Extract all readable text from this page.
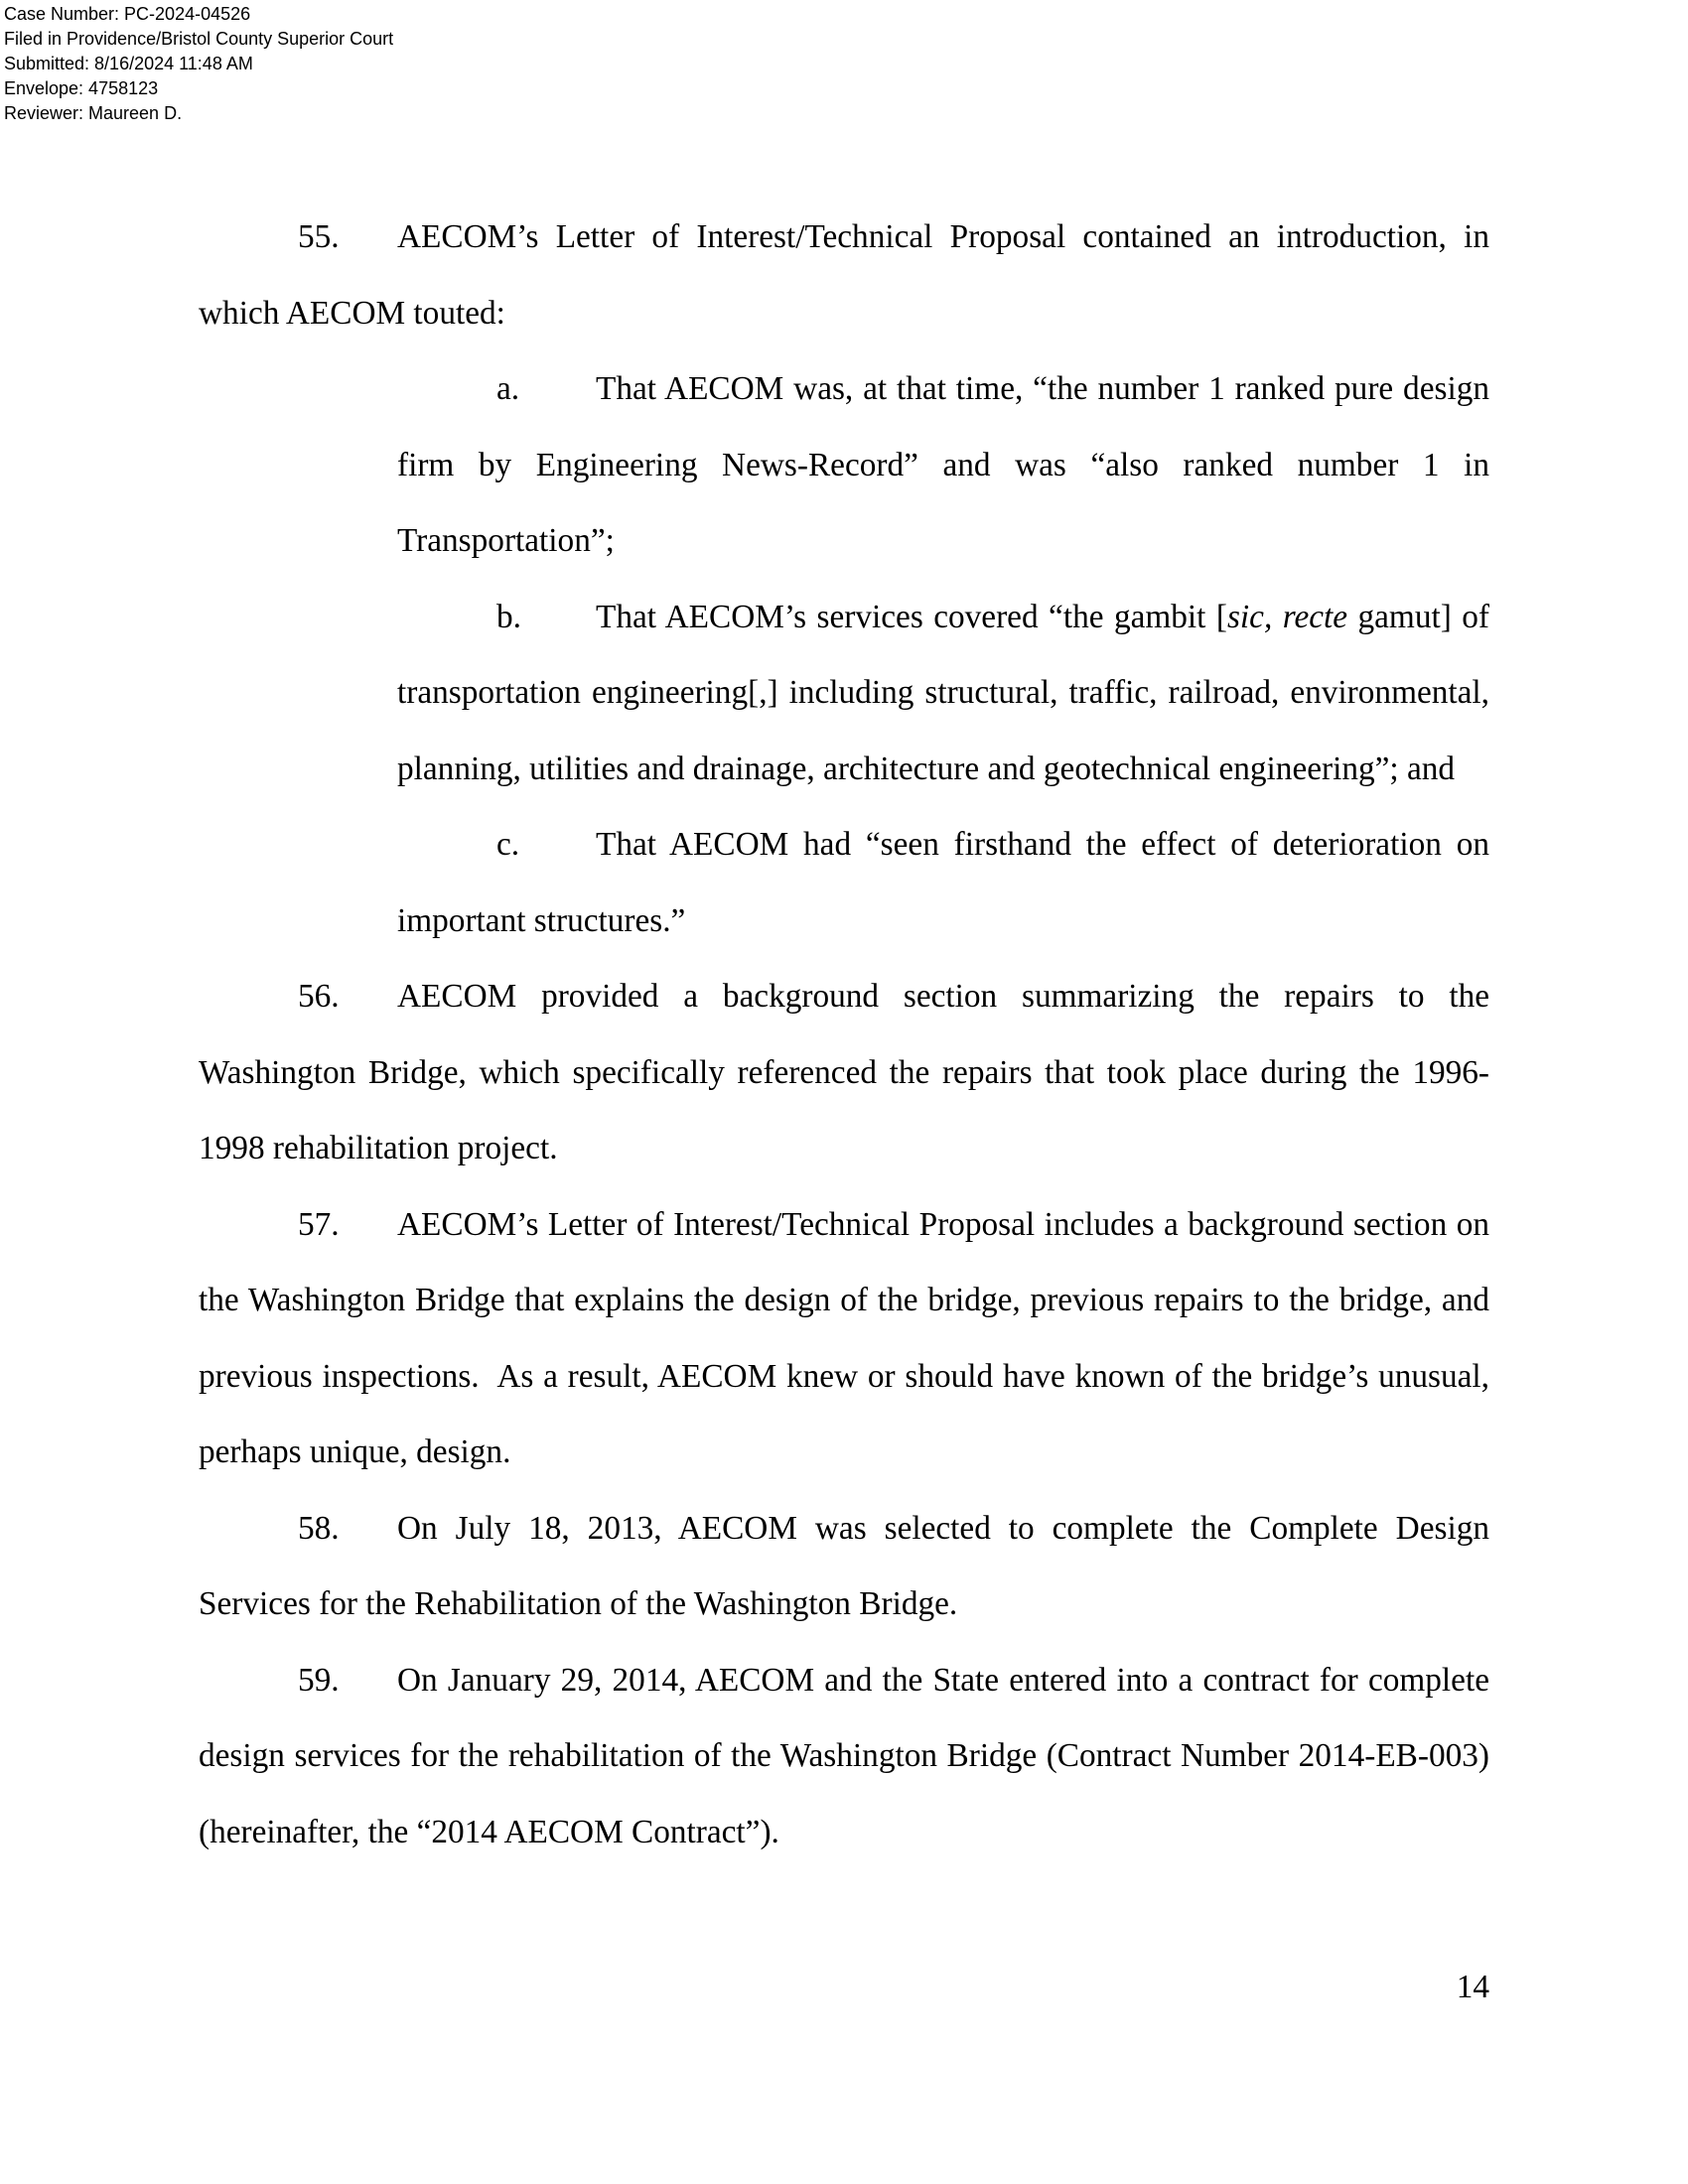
Case Number: PC-2024-04526
Filed in Providence/Bristol County Superior Court
Submitted: 8/16/2024 11:48 AM
Envelope: 4758123
Reviewer: Maureen D.

55. AECOM’s Letter of Interest/Technical Proposal contained an introduction, in which AECOM touted:

a. That AECOM was, at that time, “the number 1 ranked pure design firm by Engineering News-Record” and was “also ranked number 1 in Transportation”;

b. That AECOM’s services covered “the gambit [sic, recte gamut] of transportation engineering[,] including structural, traffic, railroad, environmental, planning, utilities and drainage, architecture and geotechnical engineering”; and

c. That AECOM had “seen firsthand the effect of deterioration on important structures.”

56. AECOM provided a background section summarizing the repairs to the Washington Bridge, which specifically referenced the repairs that took place during the 1996-1998 rehabilitation project.

57. AECOM’s Letter of Interest/Technical Proposal includes a background section on the Washington Bridge that explains the design of the bridge, previous repairs to the bridge, and previous inspections.  As a result, AECOM knew or should have known of the bridge’s unusual, perhaps unique, design.

58. On July 18, 2013, AECOM was selected to complete the Complete Design Services for the Rehabilitation of the Washington Bridge.

59. On January 29, 2014, AECOM and the State entered into a contract for complete design services for the rehabilitation of the Washington Bridge (Contract Number 2014-EB-003) (hereinafter, the “2014 AECOM Contract”).

14
